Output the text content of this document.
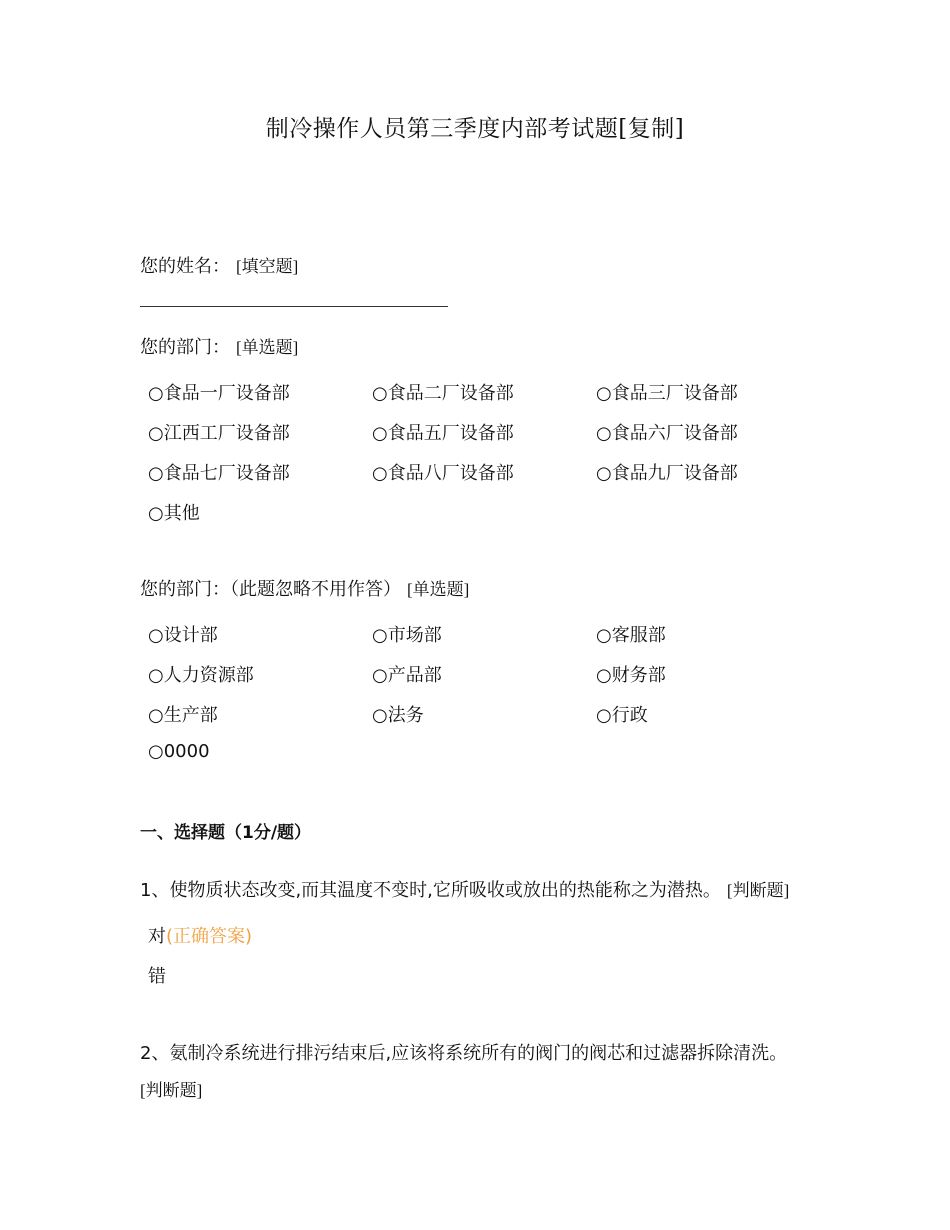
制冷操作人员第三季度内部考试题[复制]
您的姓名： [填空题]
您的部门： [单选题]
○食品一厂设备部	○食品二厂设备部	○食品三厂设备部
○江西工厂设备部	○食品五厂设备部	○食品六厂设备部
○食品七厂设备部	○食品八厂设备部	○食品九厂设备部
○其他
您的部门：（此题忽略不用作答） [单选题]
○设计部	○市场部	○客服部
○人力资源部	○产品部	○财务部
○生产部	○法务	○行政
○0000
一、选择题（1分/题）
1、使物质状态改变,而其温度不变时,它所吸收或放出的热能称之为潜热。 [判断题]
对(正确答案)
错
2、氨制冷系统进行排污结束后,应该将系统所有的阀门的阀芯和过滤器拆除清洗。
[判断题]
